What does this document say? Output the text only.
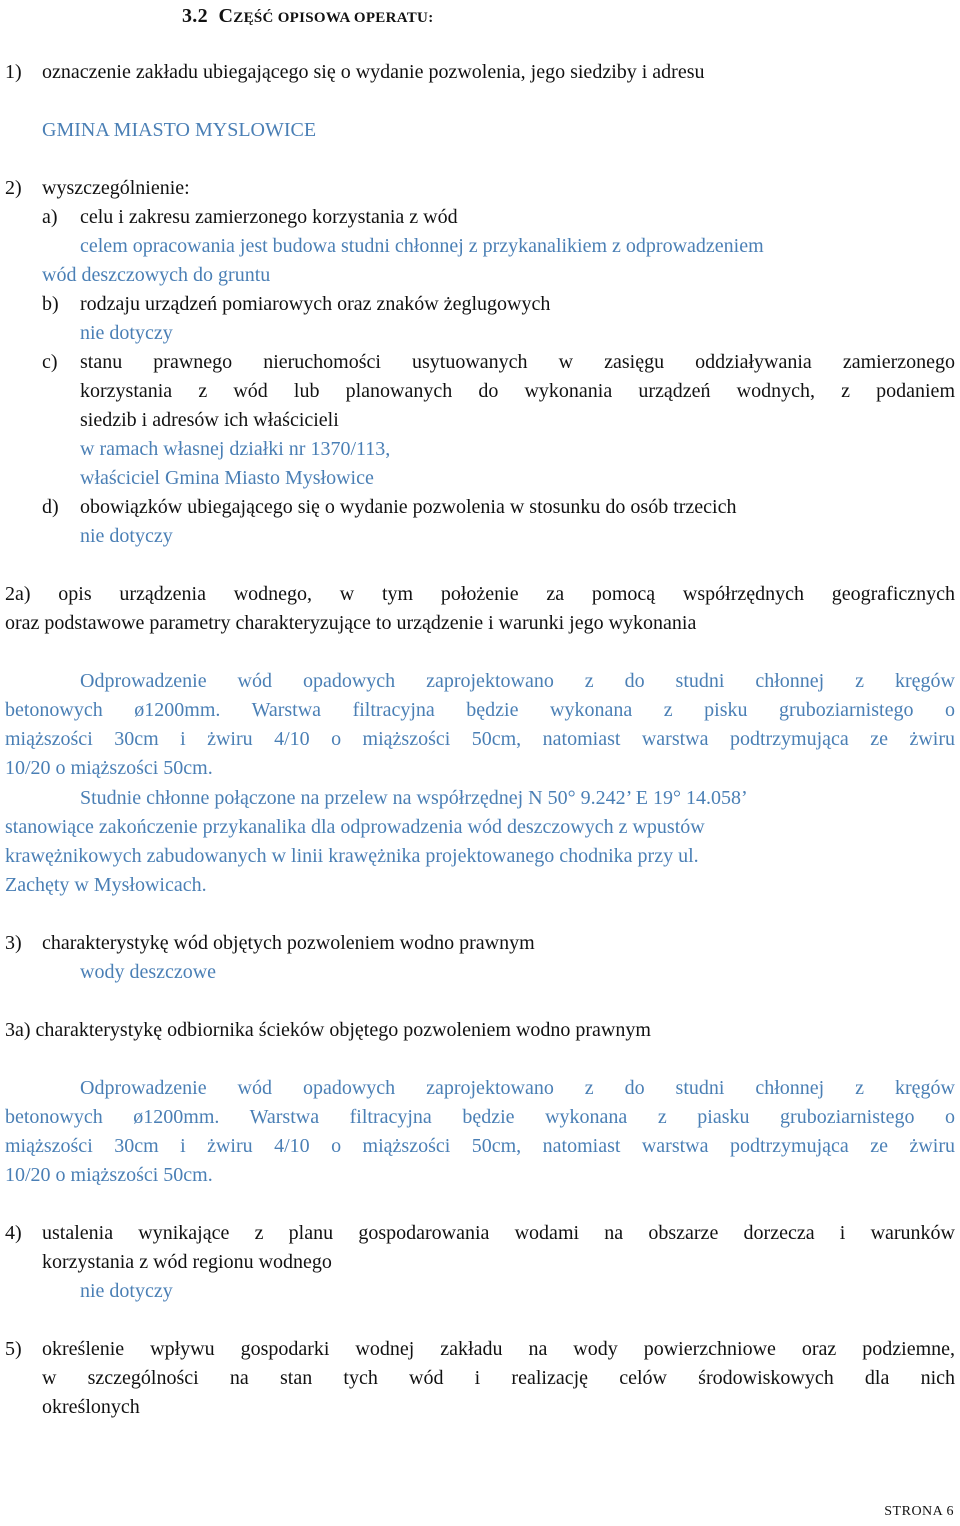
3.2 CZĘŚĆ OPISOWA OPERATU:
1) oznaczenie zakładu ubiegającego się o wydanie pozwolenia, jego siedziby i adresu
GMINA MIASTO MYSLOWICE
2) wyszczególnienie:
a) celu i zakresu zamierzonego korzystania z wód
celem opracowania jest budowa studni chłonnej z przykanalikiem z odprowadzeniem
wód deszczowych do gruntu
b) rodzaju urządzeń pomiarowych oraz znaków żeglugowych
nie dotyczy
c) stanu prawnego nieruchomości usytuowanych w zasięgu oddziaływania zamierzonego
korzystania z wód lub planowanych do wykonania urządzeń wodnych, z podaniem
siedzib i adresów ich właścicieli
w ramach własnej działki nr 1370/113,
właściciel Gmina Miasto Mysłowice
d) obowiązków ubiegającego się o wydanie pozwolenia w stosunku do osób trzecich
nie dotyczy
2a) opis urządzenia wodnego, w tym położenie za pomocą współrzędnych geograficznych
oraz podstawowe parametry charakteryzujące to urządzenie i warunki jego wykonania
Odprowadzenie wód opadowych zaprojektowano z do studni chłonnej z kręgów
betonowych ø1200mm. Warstwa filtracyjna będzie wykonana z pisku gruboziarnistego o
miąższości 30cm i żwiru 4/10 o miąższości 50cm, natomiast warstwa podtrzymująca ze żwiru
10/20 o miąższości 50cm.
Studnie chłonne połączone na przelew na współrzędnej N 50° 9.242’ E 19° 14.058’
stanowiące zakończenie przykanalika dla odprowadzenia wód deszczowych z wpustów
krawężnikowych zabudowanych w linii krawężnika projektowanego chodnika przy ul.
Zachęty w Mysłowicach.
3) charakterystykę wód objętych pozwoleniem wodno prawnym
wody deszczowe
3a) charakterystykę odbiornika ścieków objętego pozwoleniem wodno prawnym
Odprowadzenie wód opadowych zaprojektowano z do studni chłonnej z kręgów
betonowych ø1200mm. Warstwa filtracyjna będzie wykonana z piasku gruboziarnistego o
miąższości 30cm i żwiru 4/10 o miąższości 50cm, natomiast warstwa podtrzymująca ze żwiru
10/20 o miąższości 50cm.
4) ustalenia wynikające z planu gospodarowania wodami na obszarze dorzecza i warunków
korzystania z wód regionu wodnego
nie dotyczy
5) określenie wpływu gospodarki wodnej zakładu na wody powierzchniowe oraz podziemne,
w szczególności na stan tych wód i realizację celów środowiskowych dla nich
określonych
STRONA 6
